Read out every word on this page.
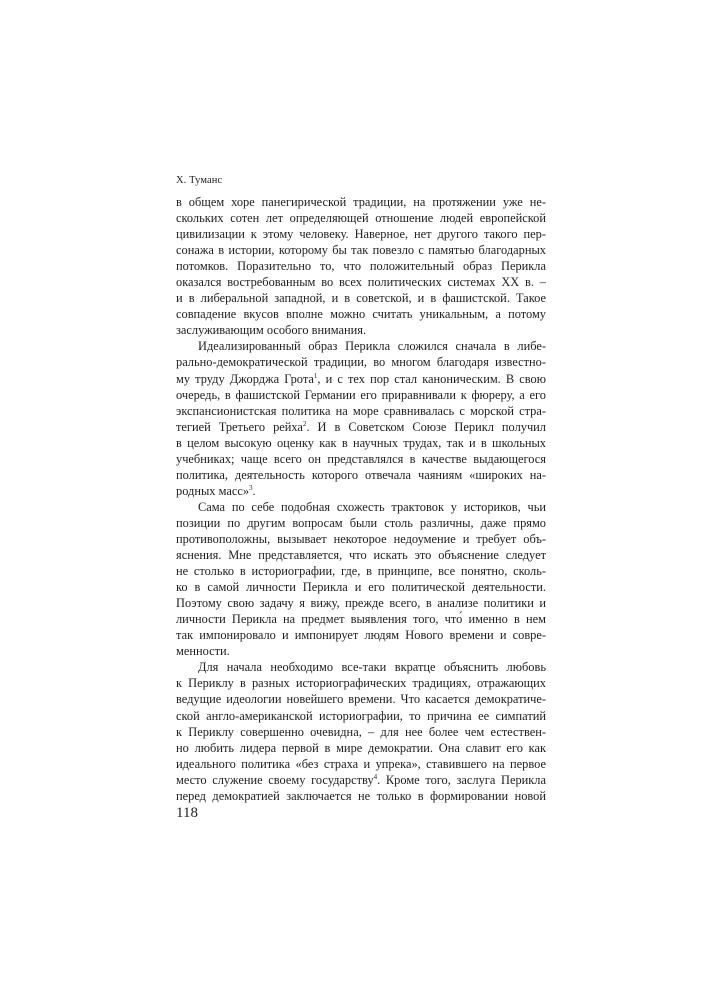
Х. Туманс
в общем хоре панегирической традиции, на протяжении уже не-
скольких сотен лет определяющей отношение людей европейской
цивилизации к этому человеку. Наверное, нет другого такого пер-
сонажа в истории, которому бы так повезло с памятью благодарных
потомков. Поразительно то, что положительный образ Перикла
оказался востребованным во всех политических системах XX в. –
и в либеральной западной, и в советской, и в фашистской. Такое
совпадение вкусов вполне можно считать уникальным, а потому
заслуживающим особого внимания.
Идеализированный образ Перикла сложился сначала в либе-
рально-демократической традиции, во многом благодаря известно-
му труду Джорджа Грота$^1$, и с тех пор стал каноническим. В свою
очередь, в фашистской Германии его приравнивали к фюреру, а его
экспансионистская политика на море сравнивалась с морской стра-
тегией Третьего рейха$^2$. И в Советском Союзе Перикл получил
в целом высокую оценку как в научных трудах, так и в школьных
учебниках; чаще всего он представлялся в качестве выдающегося
политика, деятельность которого отвечала чаяниям «широких на-
родных масс»$^3$.
Сама по себе подобная схожесть трактовок у историков, чьи
позиции по другим вопросам были столь различны, даже прямо
противоположны, вызывает некоторое недоумение и требует объ-
яснения. Мне представляется, что искать это объяснение следует
не столько в историографии, где, в принципе, все понятно, сколь-
ко в самой личности Перикла и его политической деятельности.
Поэтому свою задачу я вижу, прежде всего, в анализе политики и
личности Перикла на предмет выявления того, что́ именно в нем
так импонировало и импонирует людям Нового времени и совре-
менности.
Для начала необходимо все-таки вкратце объяснить любовь
к Периклу в разных историографических традициях, отражающих
ведущие идеологии новейшего времени. Что касается демократиче-
ской англо-американской историографии, то причина ее симпатий
к Периклу совершенно очевидна, – для нее более чем естествен-
но любить лидера первой в мире демократии. Она славит его как
идеального политика «без страха и упрека», ставившего на первое
место служение своему государству$^4$. Кроме того, заслуга Перикла
перед демократией заключается не только в формировании новой
118
